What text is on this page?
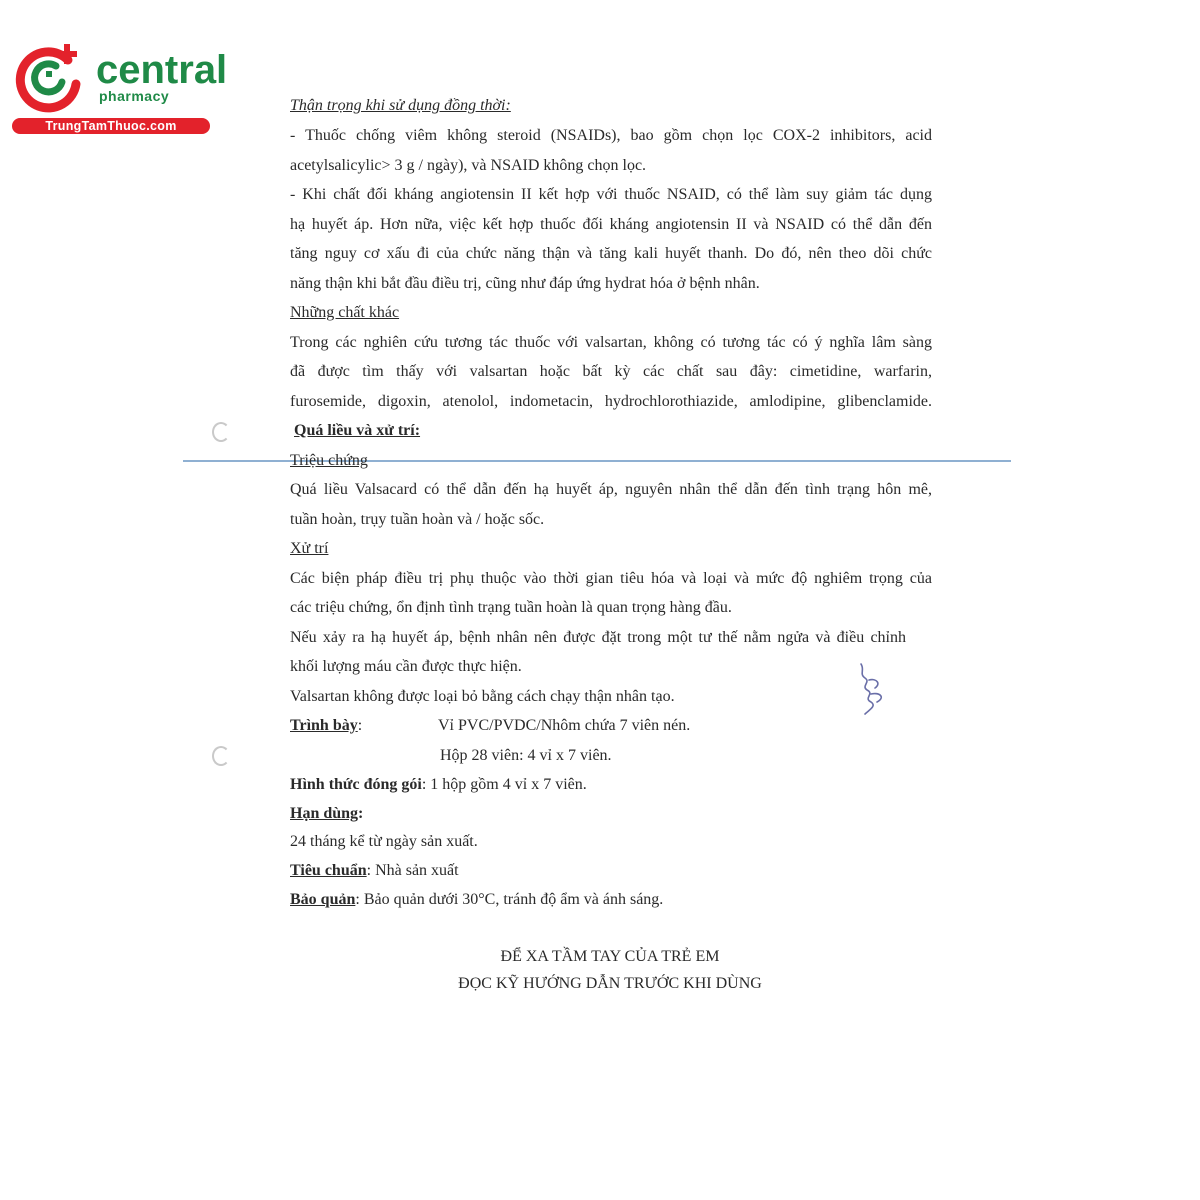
central
pharmacy
TrungTamThuoc.com
Thận trọng khi sử dụng đồng thời:
- Thuốc chống viêm không steroid (NSAIDs), bao gồm chọn lọc COX-2 inhibitors, acid
acetylsalicylic> 3 g / ngày), và NSAID không chọn lọc.
- Khi chất đối kháng angiotensin II kết hợp với thuốc NSAID, có thể làm suy giảm tác dụng
hạ huyết áp. Hơn nữa, việc kết hợp thuốc đối kháng angiotensin II và NSAID có thể dẫn đến
tăng nguy cơ xấu đi của chức năng thận và tăng kali huyết thanh. Do đó, nên theo dõi chức
năng thận khi bắt đầu điều trị, cũng như đáp ứng hydrat hóa ở bệnh nhân.
Những chất khác
Trong các nghiên cứu tương tác thuốc với valsartan, không có tương tác có ý nghĩa lâm sàng
đã được tìm thấy với valsartan hoặc bất kỳ các chất sau đây: cimetidine, warfarin,
furosemide, digoxin, atenolol, indometacin, hydrochlorothiazide, amlodipine, glibenclamide.
Quá liều và xử trí:
Triệu chứng
Quá liều Valsacard có thể dẫn đến hạ huyết áp, nguyên nhân thể dẫn đến tình trạng hôn mê,
tuần hoàn, trụy tuần hoàn và / hoặc sốc.
Xử trí
Các biện pháp điều trị phụ thuộc vào thời gian tiêu hóa và loại và mức độ nghiêm trọng của
các triệu chứng, ổn định tình trạng tuần hoàn là quan trọng hàng đầu.
Nếu xảy ra hạ huyết áp, bệnh nhân nên được đặt trong một tư thế nằm ngửa và điều chỉnh
khối lượng máu cần được thực hiện.
Valsartan không được loại bỏ bằng cách chạy thận nhân tạo.
Trình bày:	Vỉ PVC/PVDC/Nhôm chứa 7 viên nén.
Hộp 28 viên: 4 vỉ x 7 viên.
Hình thức đóng gói: 1 hộp gồm 4 vỉ x 7 viên.
Hạn dùng:
24 tháng kể từ ngày sản xuất.
Tiêu chuẩn: Nhà sản xuất
Bảo quản: Bảo quản dưới 30°C, tránh độ ẩm và ánh sáng.
ĐỂ XA TẦM TAY CỦA TRẺ EM
ĐỌC KỸ HƯỚNG DẪN TRƯỚC KHI DÙNG
